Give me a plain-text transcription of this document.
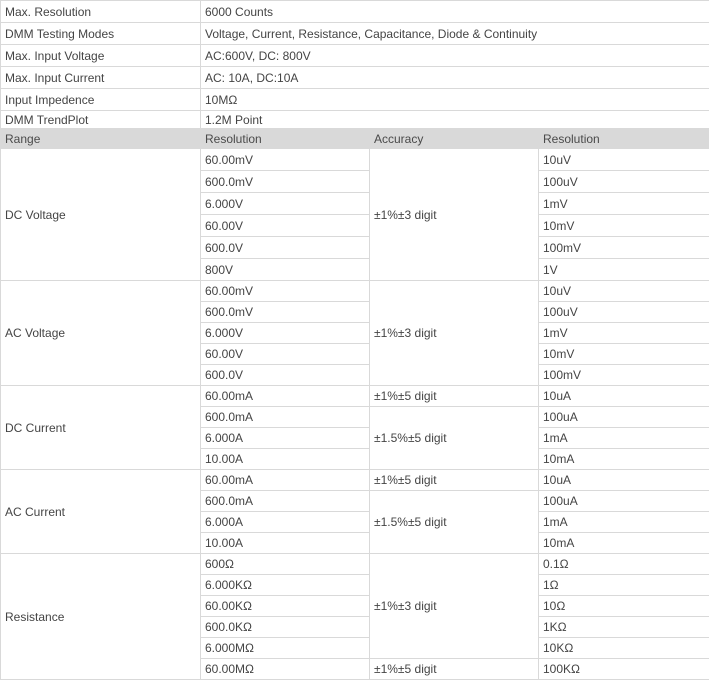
Max. Resolution	6000 Counts		
DMM Testing Modes	Voltage, Current, Resistance, Capacitance, Diode & Continuity		
Max. Input Voltage	AC:600V, DC: 800V		
Max. Input Current	AC: 10A, DC:10A		
Input Impedence	10MΩ		
DMM TrendPlot	1.2M Point		
Range	Resolution	Accuracy	Resolution
DC Voltage	60.00mV	±1%±3 digit	10uV
	600.0mV		100uV
	6.000V		1mV
	60.00V		10mV
	600.0V		100mV
	800V		1V
AC Voltage	60.00mV	±1%±3 digit	10uV
	600.0mV		100uV
	6.000V		1mV
	60.00V		10mV
	600.0V		100mV
DC Current	60.00mA	±1%±5 digit	10uA
	600.0mA	±1.5%±5 digit	100uA
	6.000A		1mA
	10.00A		10mA
AC Current	60.00mA	±1%±5 digit	10uA
	600.0mA	±1.5%±5 digit	100uA
	6.000A		1mA
	10.00A		10mA
Resistance	600Ω	±1%±3 digit	0.1Ω
	6.000KΩ		1Ω
	60.00KΩ		10Ω
	600.0KΩ		1KΩ
	6.000MΩ		10KΩ
	60.00MΩ	±1%±5 digit	100KΩ
